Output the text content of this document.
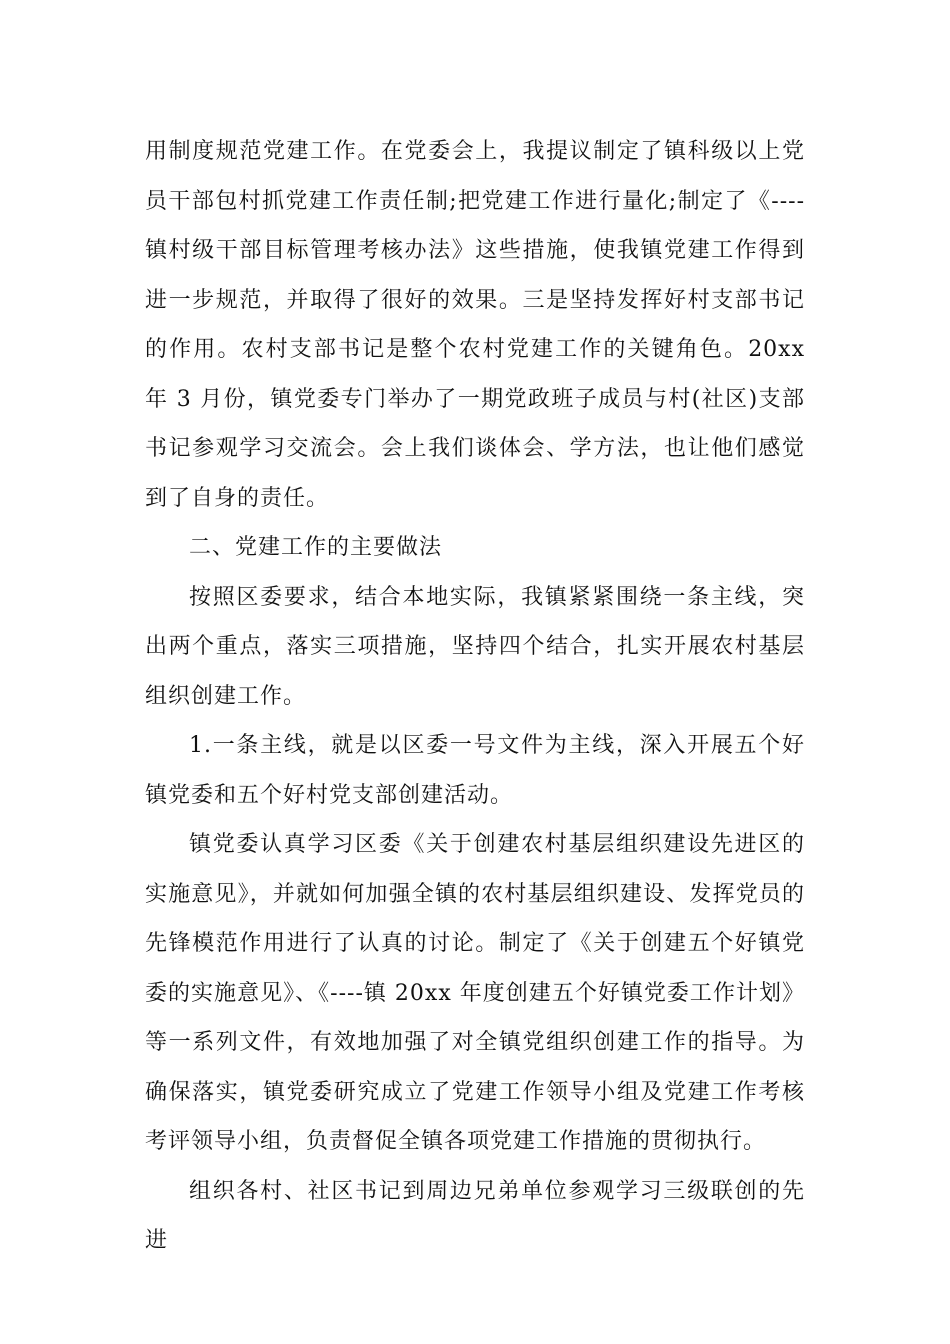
用制度规范党建工作。在党委会上，我提议制定了镇科级以上党员干部包村抓党建工作责任制;把党建工作进行量化;制定了《----镇村级干部目标管理考核办法》这些措施，使我镇党建工作得到进一步规范，并取得了很好的效果。三是坚持发挥好村支部书记的作用。农村支部书记是整个农村党建工作的关键角色。20xx 年 3 月份，镇党委专门举办了一期党政班子成员与村(社区)支部书记参观学习交流会。会上我们谈体会、学方法，也让他们感觉到了自身的责任。

二、党建工作的主要做法

按照区委要求，结合本地实际，我镇紧紧围绕一条主线，突出两个重点，落实三项措施，坚持四个结合，扎实开展农村基层组织创建工作。

1.一条主线，就是以区委一号文件为主线，深入开展五个好镇党委和五个好村党支部创建活动。

镇党委认真学习区委《关于创建农村基层组织建设先进区的实施意见》，并就如何加强全镇的农村基层组织建设、发挥党员的先锋模范作用进行了认真的讨论。制定了《关于创建五个好镇党委的实施意见》、《----镇 20xx 年度创建五个好镇党委工作计划》等一系列文件，有效地加强了对全镇党组织创建工作的指导。为确保落实，镇党委研究成立了党建工作领导小组及党建工作考核考评领导小组，负责督促全镇各项党建工作措施的贯彻执行。

组织各村、社区书记到周边兄弟单位参观学习三级联创的先进
